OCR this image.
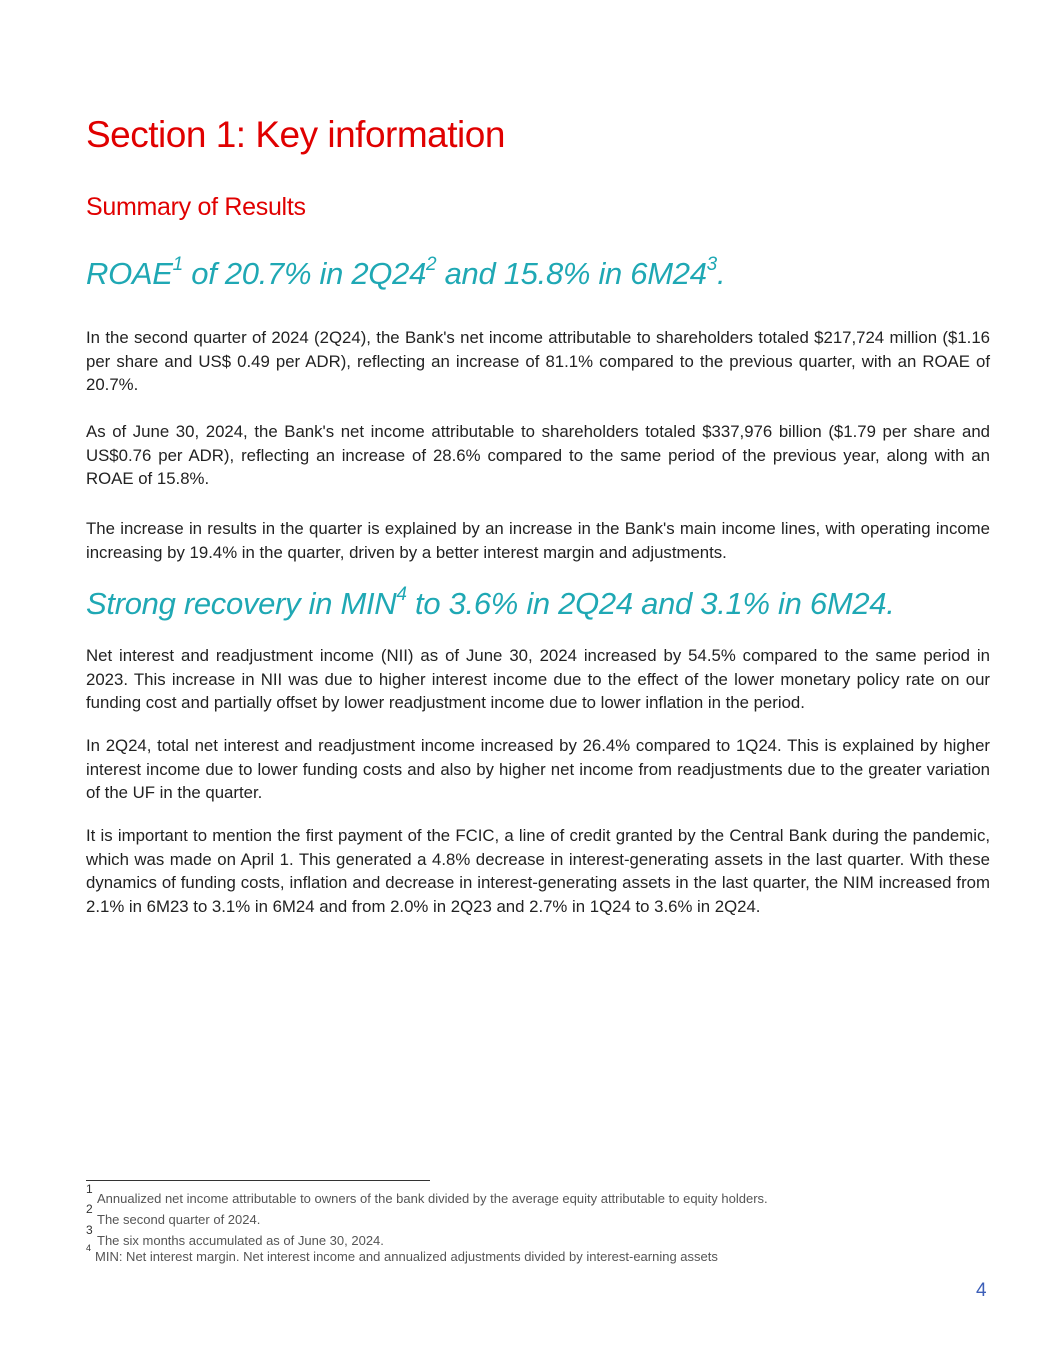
Section 1: Key information
Summary of Results
ROAE$^1$ of 20.7% in $2Q24^2$ and 15.8% in $6M24^3$.

In the second quarter of 2024 (2Q24), the Bank's net income attributable to shareholders totaled $217,724 million ($1.16 per share and US$ 0.49 per ADR), reflecting an increase of 81.1% compared to the previous quarter, with an ROAE of 20.7%.

As of June 30, 2024, the Bank's net income attributable to shareholders totaled $337,976 billion ($1.79 per share and US$0.76 per ADR), reflecting an increase of 28.6% compared to the same period of the previous year, along with an ROAE of 15.8%.

The increase in results in the quarter is explained by an increase in the Bank's main income lines, with operating income increasing by 19.4% in the quarter, driven by a better interest margin and adjustments.

Strong recovery in MIN$^4$ to 3.6% in 2Q24 and 3.1% in 6M24.

Net interest and readjustment income (NII) as of June 30, 2024 increased by 54.5% compared to the same period in 2023. This increase in NII was due to higher interest income due to the effect of the lower monetary policy rate on our funding cost and partially offset by lower readjustment income due to lower inflation in the period.

In 2Q24, total net interest and readjustment income increased by 26.4% compared to 1Q24. This is explained by higher interest income due to lower funding costs and also by higher net income from readjustments due to the greater variation of the UF in the quarter.

It is important to mention the first payment of the FCIC, a line of credit granted by the Central Bank during the pandemic, which was made on April 1. This generated a 4.8% decrease in interest-generating assets in the last quarter. With these dynamics of funding costs, inflation and decrease in interest-generating assets in the last quarter, the NIM increased from 2.1% in 6M23 to 3.1% in 6M24 and from 2.0% in 2Q23 and 2.7% in 1Q24 to 3.6% in 2Q24.

1

Annualized net income attributable to owners of the bank divided by the average equity attributable to equity holders.

2

The second quarter of 2024.

3

The six months accumulated as of June 30, 2024.

4

MIN: Net interest margin. Net interest income and annualized adjustments divided by interest-earning assets

4
